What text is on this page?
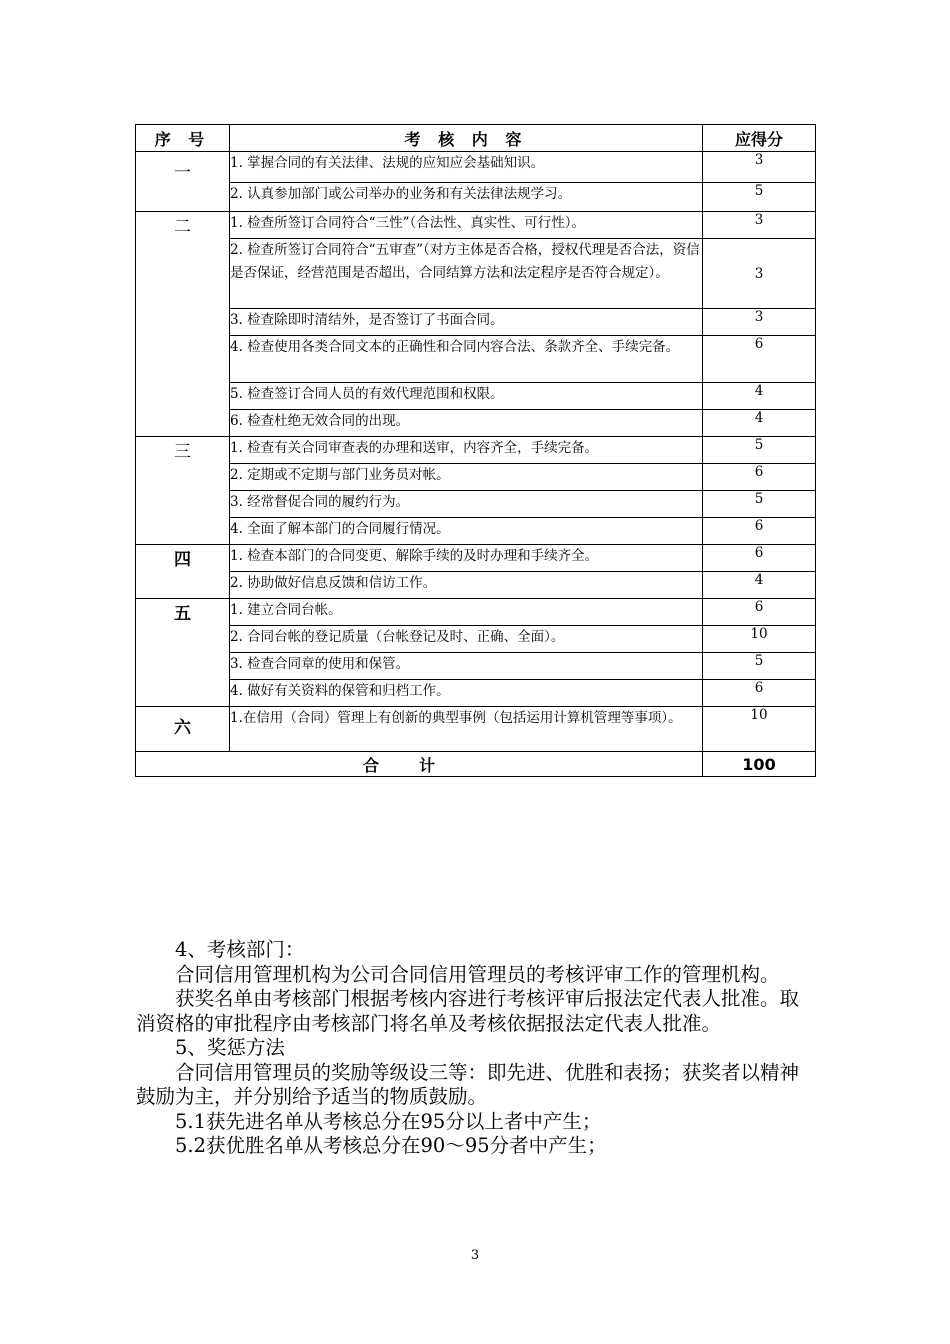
序 号	考 核 内 容	应得分
一	1. 掌握合同的有关法律、法规的应知应会基础知识。	3
	2. 认真参加部门或公司举办的业务和有关法律法规学习。	5
二	1. 检查所签订合同符合“三性”（合法性、真实性、可行性）。	3
	2. 检查所签订合同符合“五审查”（对方主体是否合格，授权代理是否合法，资信是否保证，经营范围是否超出，合同结算方法和法定程序是否符合规定）。	3
	3. 检查除即时清结外，是否签订了书面合同。	3
	4. 检查使用各类合同文本的正确性和合同内容合法、条款齐全、手续完备。	6
	5. 检查签订合同人员的有效代理范围和权限。	4
	6. 检查杜绝无效合同的出现。	4
三	1. 检查有关合同审查表的办理和送审，内容齐全，手续完备。	5
	2. 定期或不定期与部门业务员对帐。	6
	3. 经常督促合同的履约行为。	5
	4. 全面了解本部门的合同履行情况。	6
四	1. 检查本部门的合同变更、解除手续的及时办理和手续齐全。	6
	2. 协助做好信息反馈和信访工作。	4
五	1. 建立合同台帐。	6
	2. 合同台帐的登记质量（台帐登记及时、正确、全面）。	10
	3. 检查合同章的使用和保管。	5
	4. 做好有关资料的保管和归档工作。	6
六	1.在信用（合同）管理上有创新的典型事例（包括运用计算机管理等事项）。	10
合计		100

4、考核部门：

合同信用管理机构为公司合同信用管理员的考核评审工作的管理机构。

获奖名单由考核部门根据考核内容进行考核评审后报法定代表人批准。取消资格的审批程序由考核部门将名单及考核依据报法定代表人批准。

5、奖惩方法

合同信用管理员的奖励等级设三等：即先进、优胜和表扬；获奖者以精神鼓励为主，并分别给予适当的物质鼓励。

5.1获先进名单从考核总分在95分以上者中产生；

5.2获优胜名单从考核总分在90～95分者中产生；

3
